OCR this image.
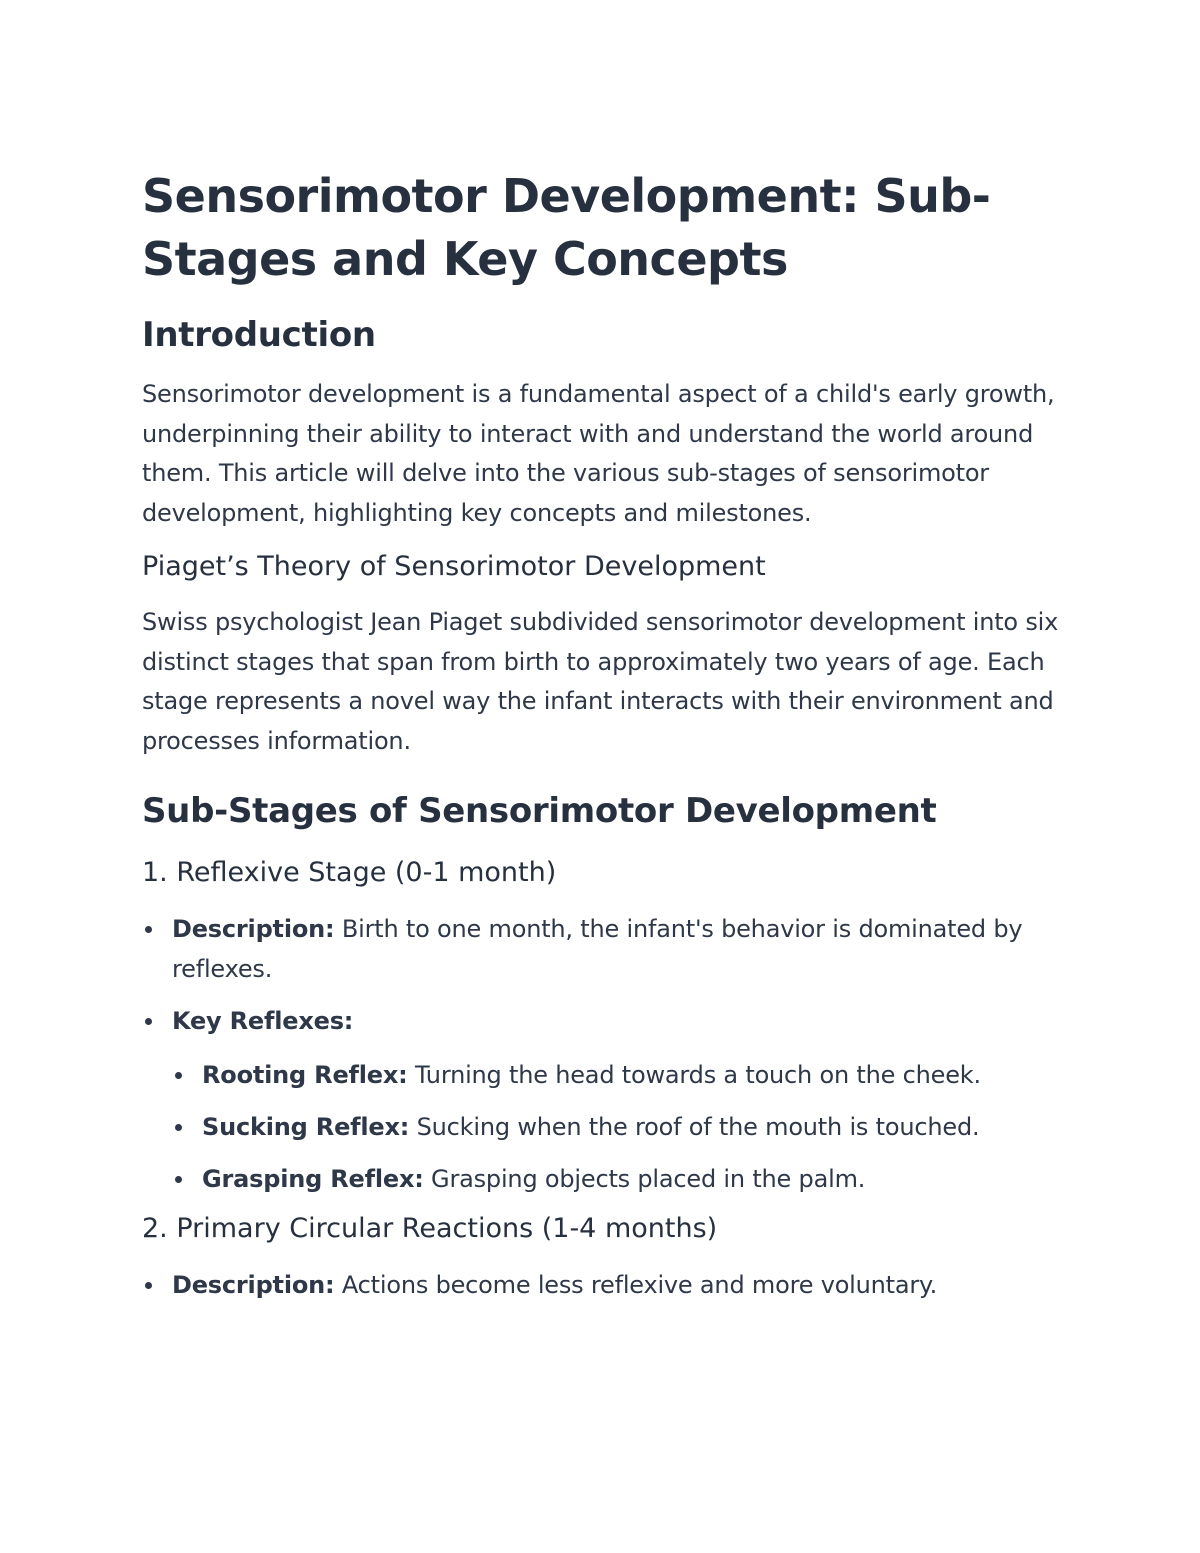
Sensorimotor Development: Sub-Stages and Key Concepts
Introduction

Sensorimotor development is a fundamental aspect of a child's early growth, underpinning their ability to interact with and understand the world around them. This article will delve into the various sub-stages of sensorimotor development, highlighting key concepts and milestones.

Piaget’s Theory of Sensorimotor Development

Swiss psychologist Jean Piaget subdivided sensorimotor development into six distinct stages that span from birth to approximately two years of age. Each stage represents a novel way the infant interacts with their environment and processes information.

Sub-Stages of Sensorimotor Development
1. Reflexive Stage (0-1 month)
Description: Birth to one month, the infant's behavior is dominated by reflexes.
Key Reflexes:
Rooting Reflex: Turning the head towards a touch on the cheek.
Sucking Reflex: Sucking when the roof of the mouth is touched.
Grasping Reflex: Grasping objects placed in the palm.
2. Primary Circular Reactions (1-4 months)
Description: Actions become less reflexive and more voluntary.
